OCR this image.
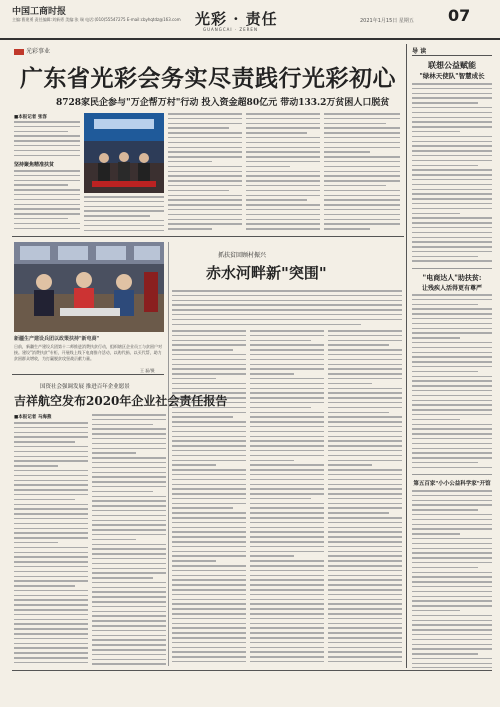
中国工商时报
主编:曹建勇 责任编辑:刘新勇 美编:张 瑞 电话:(010)55547275 E-mail:cbyhqtdz@163.com 光彩 · 责任
GUANGCAI · ZEREN
2021年1月15日 星期五 07
光彩事业
广东省光彩会务实尽责践行光彩初心
8728家民企参与"万企帮万村"行动 投入资金超80亿元 带动133.2万贫困人口脱贫
■本报记者 张容
坚持聚焦精准扶贫
新疆生产建设兵团以政策扶持"新电商"
日前，新疆生产建设兵团第十二师推进消费扶贫行动，组织辖区企业员工与贫困户对接。建设"消费扶贫"专柜，开展线上线下电商推介活动，以购代捐、以买代帮，助力贫困群众增收，为打赢脱贫攻坚战贡献力量。
王 磊/摄
抓扶贫回顾村振兴
赤水河畔新"突围"
国资社会强调发展 推进百年企业愿景
吉祥航空发布2020年企业社会责任报告
■本报记者 马海燕
导 读
联想公益赋能
"绿林天使队"智慧成长
"电商达人"助扶贫:
让残疾人活得更有尊严
第五百家"小小公益科学家"开馆
